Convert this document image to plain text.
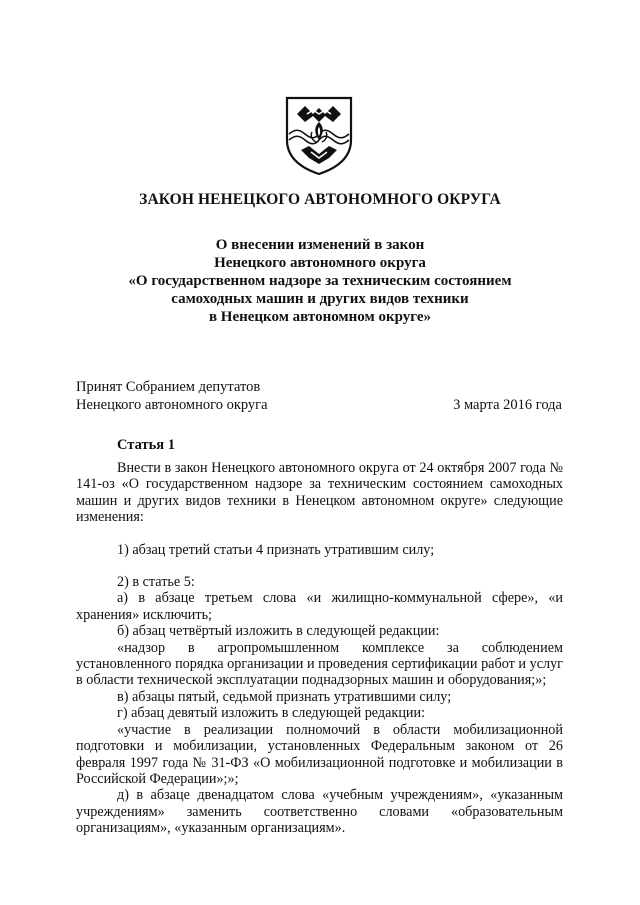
ЗАКОН НЕНЕЦКОГО АВТОНОМНОГО ОКРУГА
О внесении изменений в закон
Ненецкого автономного округа
«О государственном надзоре за техническим состоянием
самоходных машин и других видов техники
в Ненецком автономном округе»
Принят Собранием депутатов
Ненецкого автономного округа	3 марта 2016 года
Статья 1

Внести в закон Ненецкого автономного округа от 24 октября 2007 года № 141-оз «О государственном надзоре за техническим состоянием самоходных машин и других видов техники в Ненецком автономном округе» следующие изменения:

1) абзац третий статьи 4 признать утратившим силу;

2) в статье 5:

а) в абзаце третьем слова «и жилищно-коммунальной сфере», «и хранения» исключить;

б) абзац четвёртый изложить в следующей редакции:

«надзор в агропромышленном комплексе за соблюдением установленного порядка организации и проведения сертификации работ и услуг в области технической эксплуатации поднадзорных машин и оборудования;»;

в) абзацы пятый, седьмой признать утратившими силу;

г) абзац девятый изложить в следующей редакции:

«участие в реализации полномочий в области мобилизационной подготовки и мобилизации, установленных Федеральным законом от 26 февраля 1997 года № 31-ФЗ «О мобилизационной подготовке и мобилизации в Российской Федерации»;»;

д) в абзаце двенадцатом слова «учебным учреждениям», «указанным учреждениям» заменить соответственно словами «образовательным организациям», «указанным организациям».
